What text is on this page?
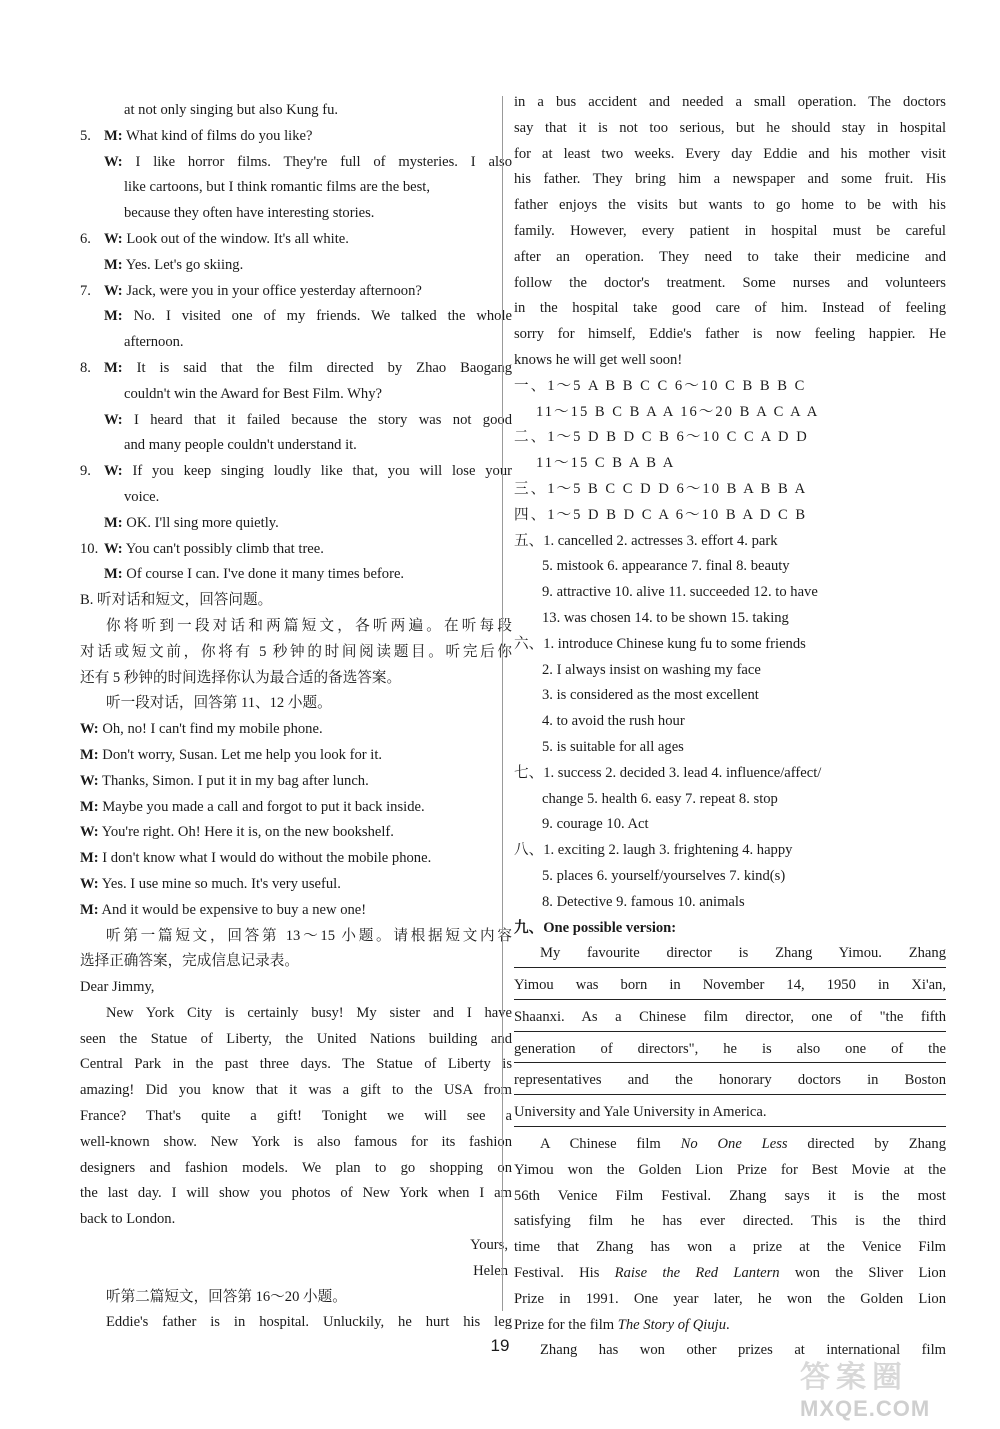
at not only singing but also Kung fu.
5. M: What kind of films do you like?
W: I like horror films. They're full of mysteries. I also
like cartoons, but I think romantic films are the best,
because they often have interesting stories.
6. W: Look out of the window. It's all white.
M: Yes. Let's go skiing.
7. W: Jack, were you in your office yesterday afternoon?
M: No. I visited one of my friends. We talked the whole
afternoon.
8. M: It is said that the film directed by Zhao Baogang
couldn't win the Award for Best Film. Why?
W: I heard that it failed because the story was not good
and many people couldn't understand it.
9. W: If you keep singing loudly like that, you will lose your
voice.
M: OK. I'll sing more quietly.
10. W: You can't possibly climb that tree.
M: Of course I can. I've done it many times before.
B. 听对话和短文，回答问题。
你将听到一段对话和两篇短文，各听两遍。在听每段
对话或短文前，你将有 5 秒钟的时间阅读题目。听完后你
还有 5 秒钟的时间选择你认为最合适的备选答案。
听一段对话，回答第 11、12 小题。
W: Oh, no! I can't find my mobile phone.
M: Don't worry, Susan. Let me help you look for it.
W: Thanks, Simon. I put it in my bag after lunch.
M: Maybe you made a call and forgot to put it back inside.
W: You're right. Oh! Here it is, on the new bookshelf.
M: I don't know what I would do without the mobile phone.
W: Yes. I use mine so much. It's very useful.
M: And it would be expensive to buy a new one!
听第一篇短文，回答第 13～15 小题。请根据短文内容
选择正确答案，完成信息记录表。
Dear Jimmy,
New York City is certainly busy! My sister and I have
seen the Statue of Liberty, the United Nations building and
Central Park in the past three days. The Statue of Liberty is
amazing! Did you know that it was a gift to the USA from
France? That's quite a gift! Tonight we will see a
well-known show. New York is also famous for its fashion
designers and fashion models. We plan to go shopping on
the last day. I will show you photos of New York when I am
back to London.
Yours,
Helen
听第二篇短文，回答第 16～20 小题。
Eddie's father is in hospital. Unluckily, he hurt his leg
in a bus accident and needed a small operation. The doctors
say that it is not too serious, but he should stay in hospital
for at least two weeks. Every day Eddie and his mother visit
his father. They bring him a newspaper and some fruit. His
father enjoys the visits but wants to go home to be with his
family. However, every patient in hospital must be careful
after an operation. They need to take their medicine and
follow the doctor's treatment. Some nurses and volunteers
in the hospital take good care of him. Instead of feeling
sorry for himself, Eddie's father is now feeling happier. He
knows he will get well soon!
一、1～5 A B B C C 6～10 C B B B C
11～15 B C B A A 16～20 B A C A A
二、1～5 D B D C B 6～10 C C A D D
11～15 C B A B A
三、1～5 B C C D D 6～10 B A B B A
四、1～5 D B D C A 6～10 B A D C B
五、1. cancelled 2. actresses 3. effort 4. park
5. mistook 6. appearance 7. final 8. beauty
9. attractive 10. alive 11. succeeded 12. to have
13. was chosen 14. to be shown 15. taking
六、1. introduce Chinese kung fu to some friends
2. I always insist on washing my face
3. is considered as the most excellent
4. to avoid the rush hour
5. is suitable for all ages
七、1. success 2. decided 3. lead 4. influence/affect/
change 5. health 6. easy 7. repeat 8. stop
9. courage 10. Act
八、1. exciting 2. laugh 3. frightening 4. happy
5. places 6. yourself/yourselves 7. kind(s)
8. Detective 9. famous 10. animals
九、One possible version:
My favourite director is Zhang Yimou. ZhangYimou was born in November 14, 1950 in Xi'an,Shaanxi. As a Chinese film director, one of "the fifthgeneration of directors", he is also one of therepresentatives and the honorary doctors in BostonUniversity and Yale University in America.
A Chinese film No One Less directed by Zhang
Yimou won the Golden Lion Prize for Best Movie at the
56th Venice Film Festival. Zhang says it is the most
satisfying film he has ever directed. This is the third
time that Zhang has won a prize at the Venice Film
Festival. His Raise the Red Lantern won the Sliver Lion
Prize in 1991. One year later, he won the Golden Lion
Prize for the film The Story of Qiuju.
Zhang has won other prizes at international film
19
答案圈
MXQE.COM
